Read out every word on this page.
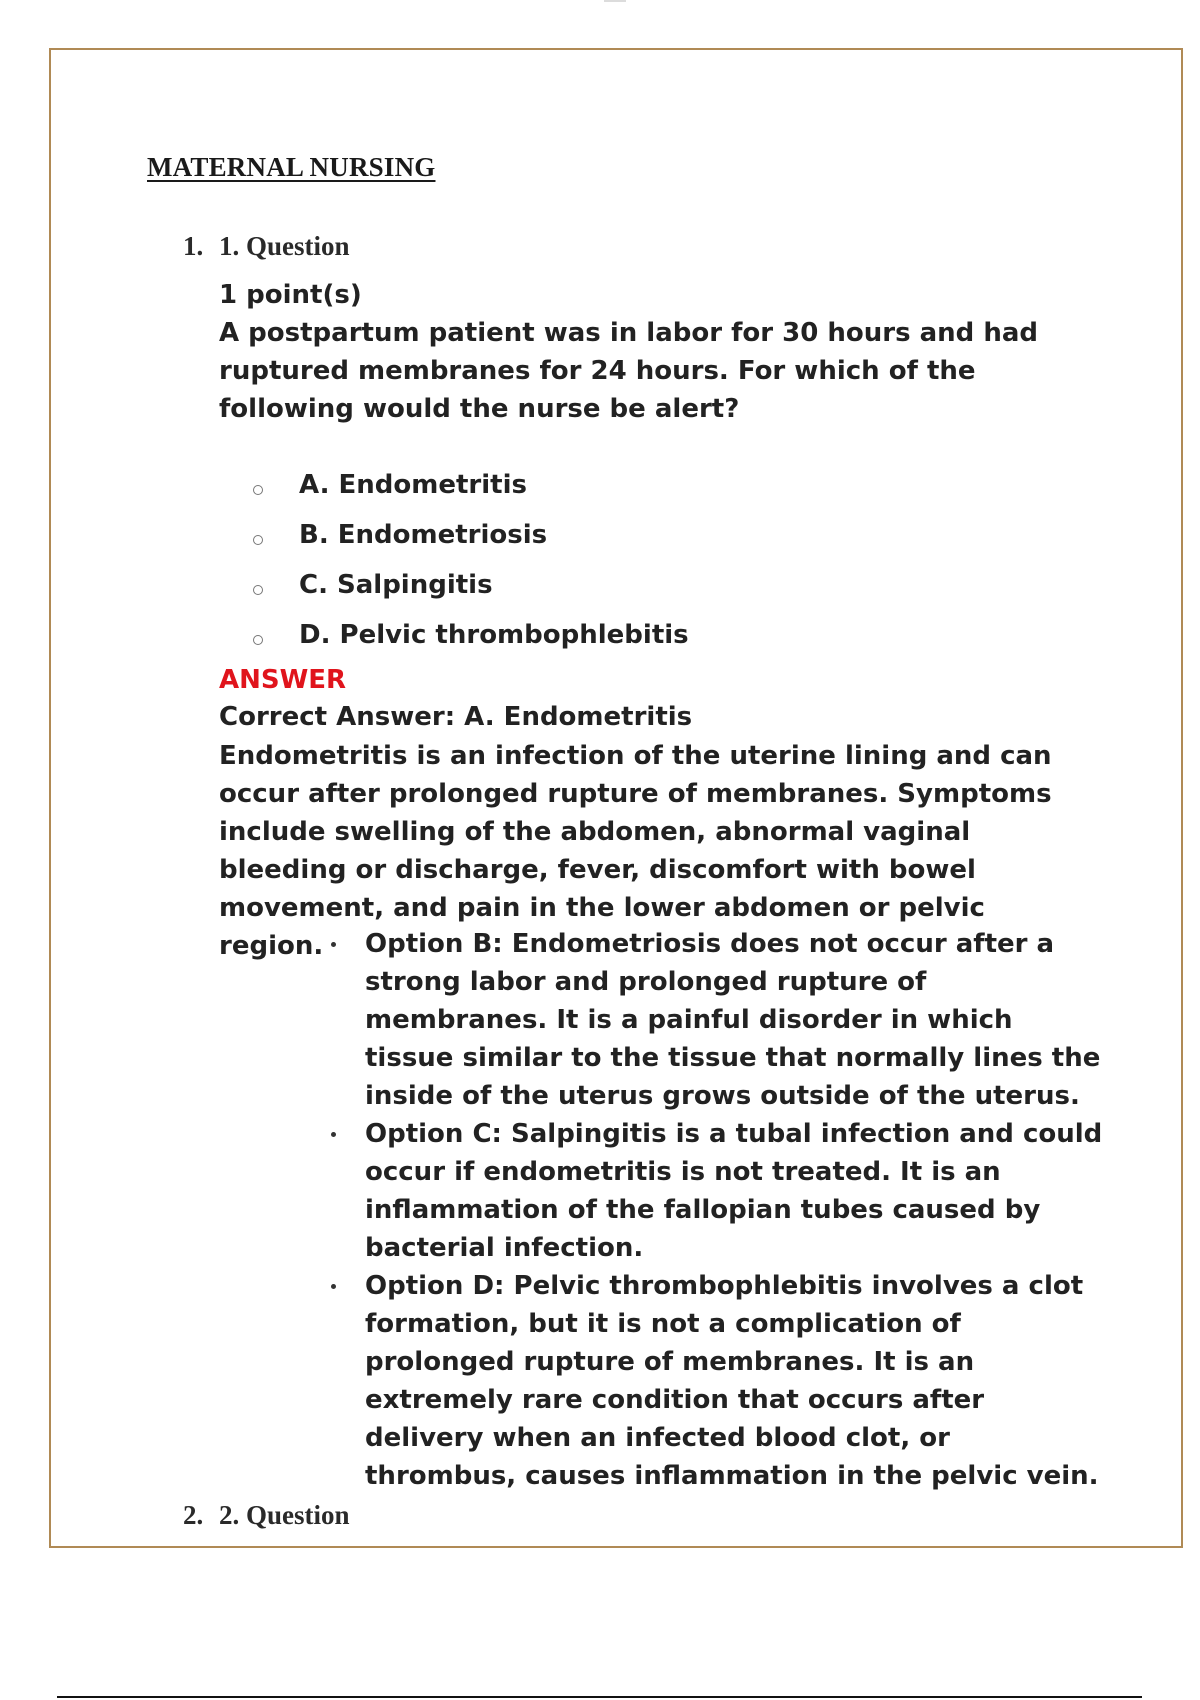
MATERNAL NURSING
1. 1. Question

1 point(s)

A postpartum patient was in labor for 30 hours and had ruptured membranes for 24 hours. For which of the following would the nurse be alert?

A. Endometritis
B. Endometriosis
C. Salpingitis
D. Pelvic thrombophlebitis

ANSWER

Correct Answer: A. Endometritis

Endometritis is an infection of the uterine lining and can occur after prolonged rupture of membranes. Symptoms include swelling of the abdomen, abnormal vaginal bleeding or discharge, fever, discomfort with bowel movement, and pain in the lower abdomen or pelvic region.	Option B: Endometriosis does not occur after a strong labor and prolonged rupture of membranes. It is a painful disorder in which tissue similar to the tissue that normally lines the inside of the uterus grows outside of the uterus.
Option C: Salpingitis is a tubal infection and could occur if endometritis is not treated. It is an inflammation of the fallopian tubes caused by bacterial infection.
Option D: Pelvic thrombophlebitis involves a clot formation, but it is not a complication of prolonged rupture of membranes. It is an extremely rare condition that occurs after delivery when an infected blood clot, or thrombus, causes inflammation in the pelvic vein.
2. 2. Question
